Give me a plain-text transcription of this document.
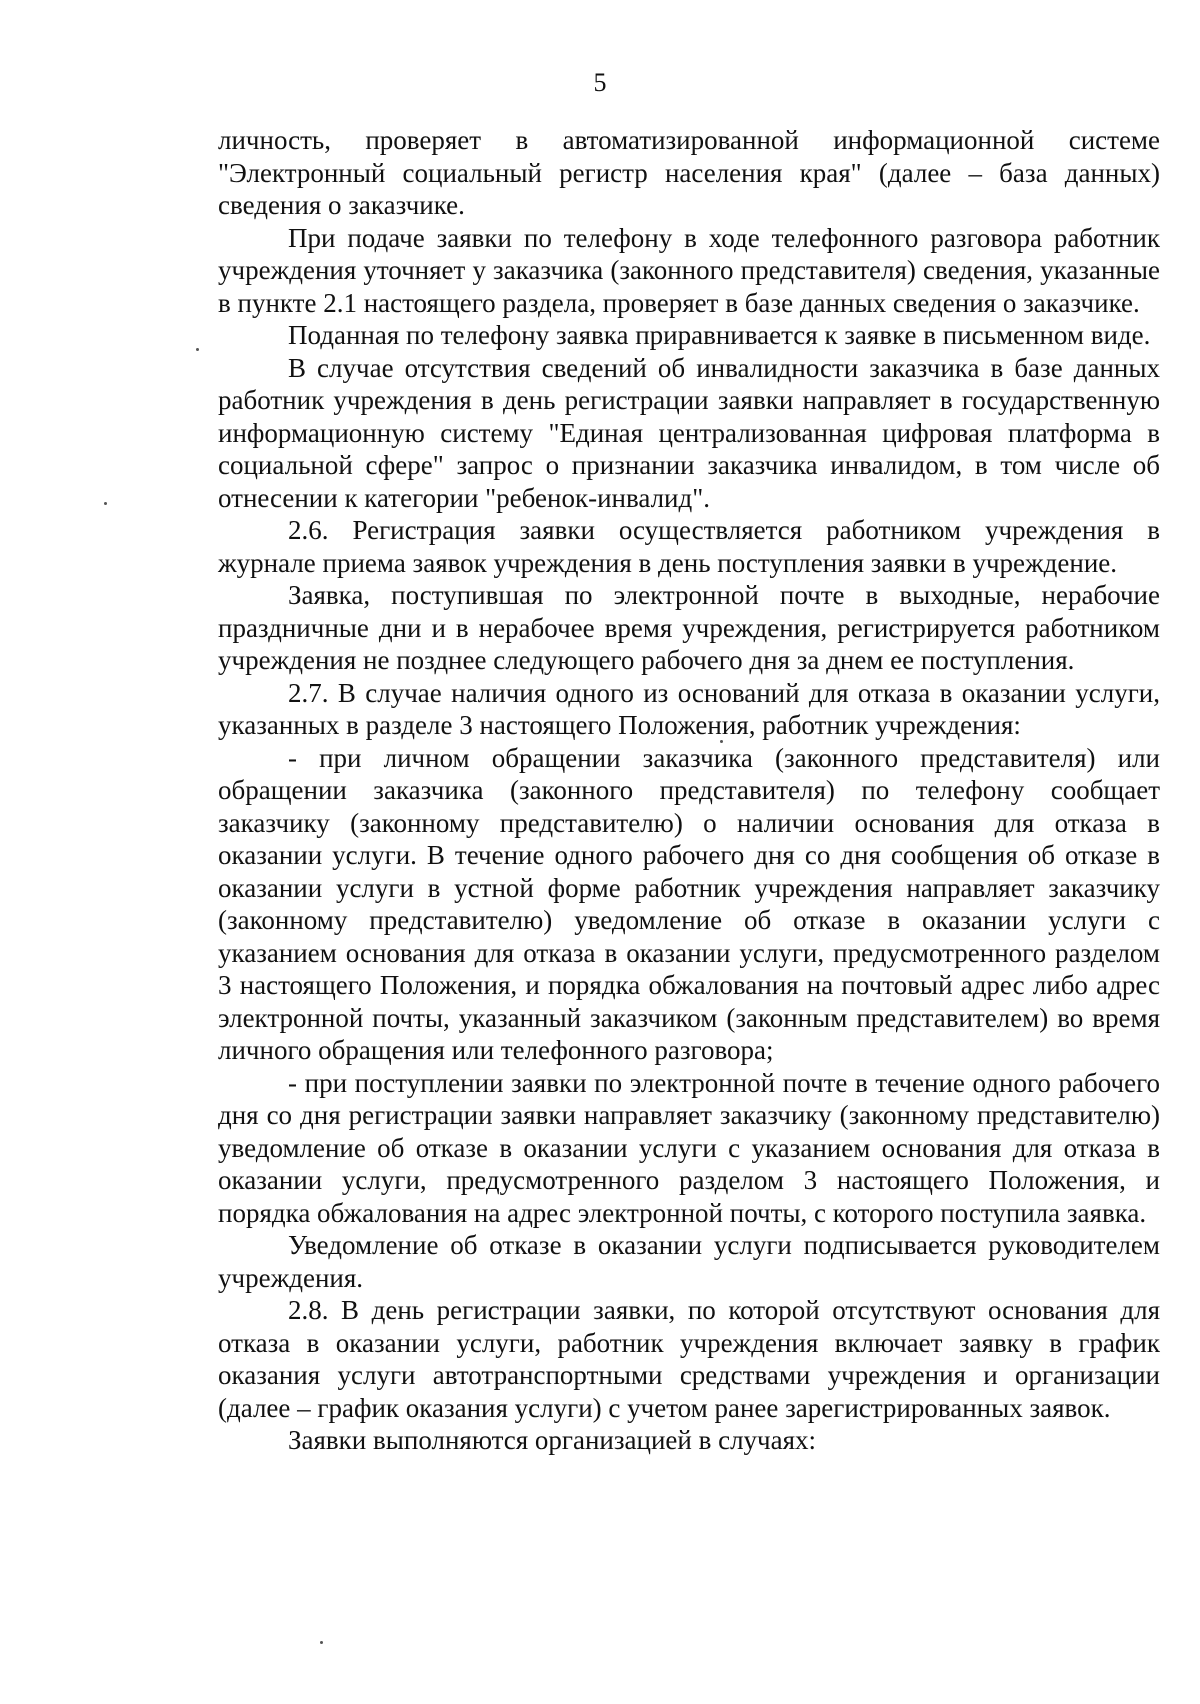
5

личность, проверяет в автоматизированной информационной системе "Электронный социальный регистр населения края" (далее – база данных) сведения о заказчике.

При подаче заявки по телефону в ходе телефонного разговора работник учреждения уточняет у заказчика (законного представителя) сведения, указанные в пункте 2.1 настоящего раздела, проверяет в базе данных сведения о заказчике.

Поданная по телефону заявка приравнивается к заявке в письменном виде.

В случае отсутствия сведений об инвалидности заказчика в базе данных работник учреждения в день регистрации заявки направляет в государственную информационную систему "Единая централизованная цифровая платформа в социальной сфере" запрос о признании заказчика инвалидом, в том числе об отнесении к категории "ребенок-инвалид".

2.6. Регистрация заявки осуществляется работником учреждения в журнале приема заявок учреждения в день поступления заявки в учреждение.

Заявка, поступившая по электронной почте в выходные, нерабочие праздничные дни и в нерабочее время учреждения, регистрируется работником учреждения не позднее следующего рабочего дня за днем ее поступления.

2.7. В случае наличия одного из оснований для отказа в оказании услуги, указанных в разделе 3 настоящего Положения, работник учреждения:

- при личном обращении заказчика (законного представителя) или обращении заказчика (законного представителя) по телефону сообщает заказчику (законному представителю) о наличии основания для отказа в оказании услуги. В течение одного рабочего дня со дня сообщения об отказе в оказании услуги в устной форме работник учреждения направляет заказчику (законному представителю) уведомление об отказе в оказании услуги с указанием основания для отказа в оказании услуги, предусмотренного разделом 3 настоящего Положения, и порядка обжалования на почтовый адрес либо адрес электронной почты, указанный заказчиком (законным представителем) во время личного обращения или телефонного разговора;

- при поступлении заявки по электронной почте в течение одного рабочего дня со дня регистрации заявки направляет заказчику (законному представителю) уведомление об отказе в оказании услуги с указанием основания для отказа в оказании услуги, предусмотренного разделом 3 настоящего Положения, и порядка обжалования на адрес электронной почты, с которого поступила заявка.

Уведомление об отказе в оказании услуги подписывается руководителем учреждения.

2.8. В день регистрации заявки, по которой отсутствуют основания для отказа в оказании услуги, работник учреждения включает заявку в график оказания услуги автотранспортными средствами учреждения и организации (далее – график оказания услуги) с учетом ранее зарегистрированных заявок.

Заявки выполняются организацией в случаях:
